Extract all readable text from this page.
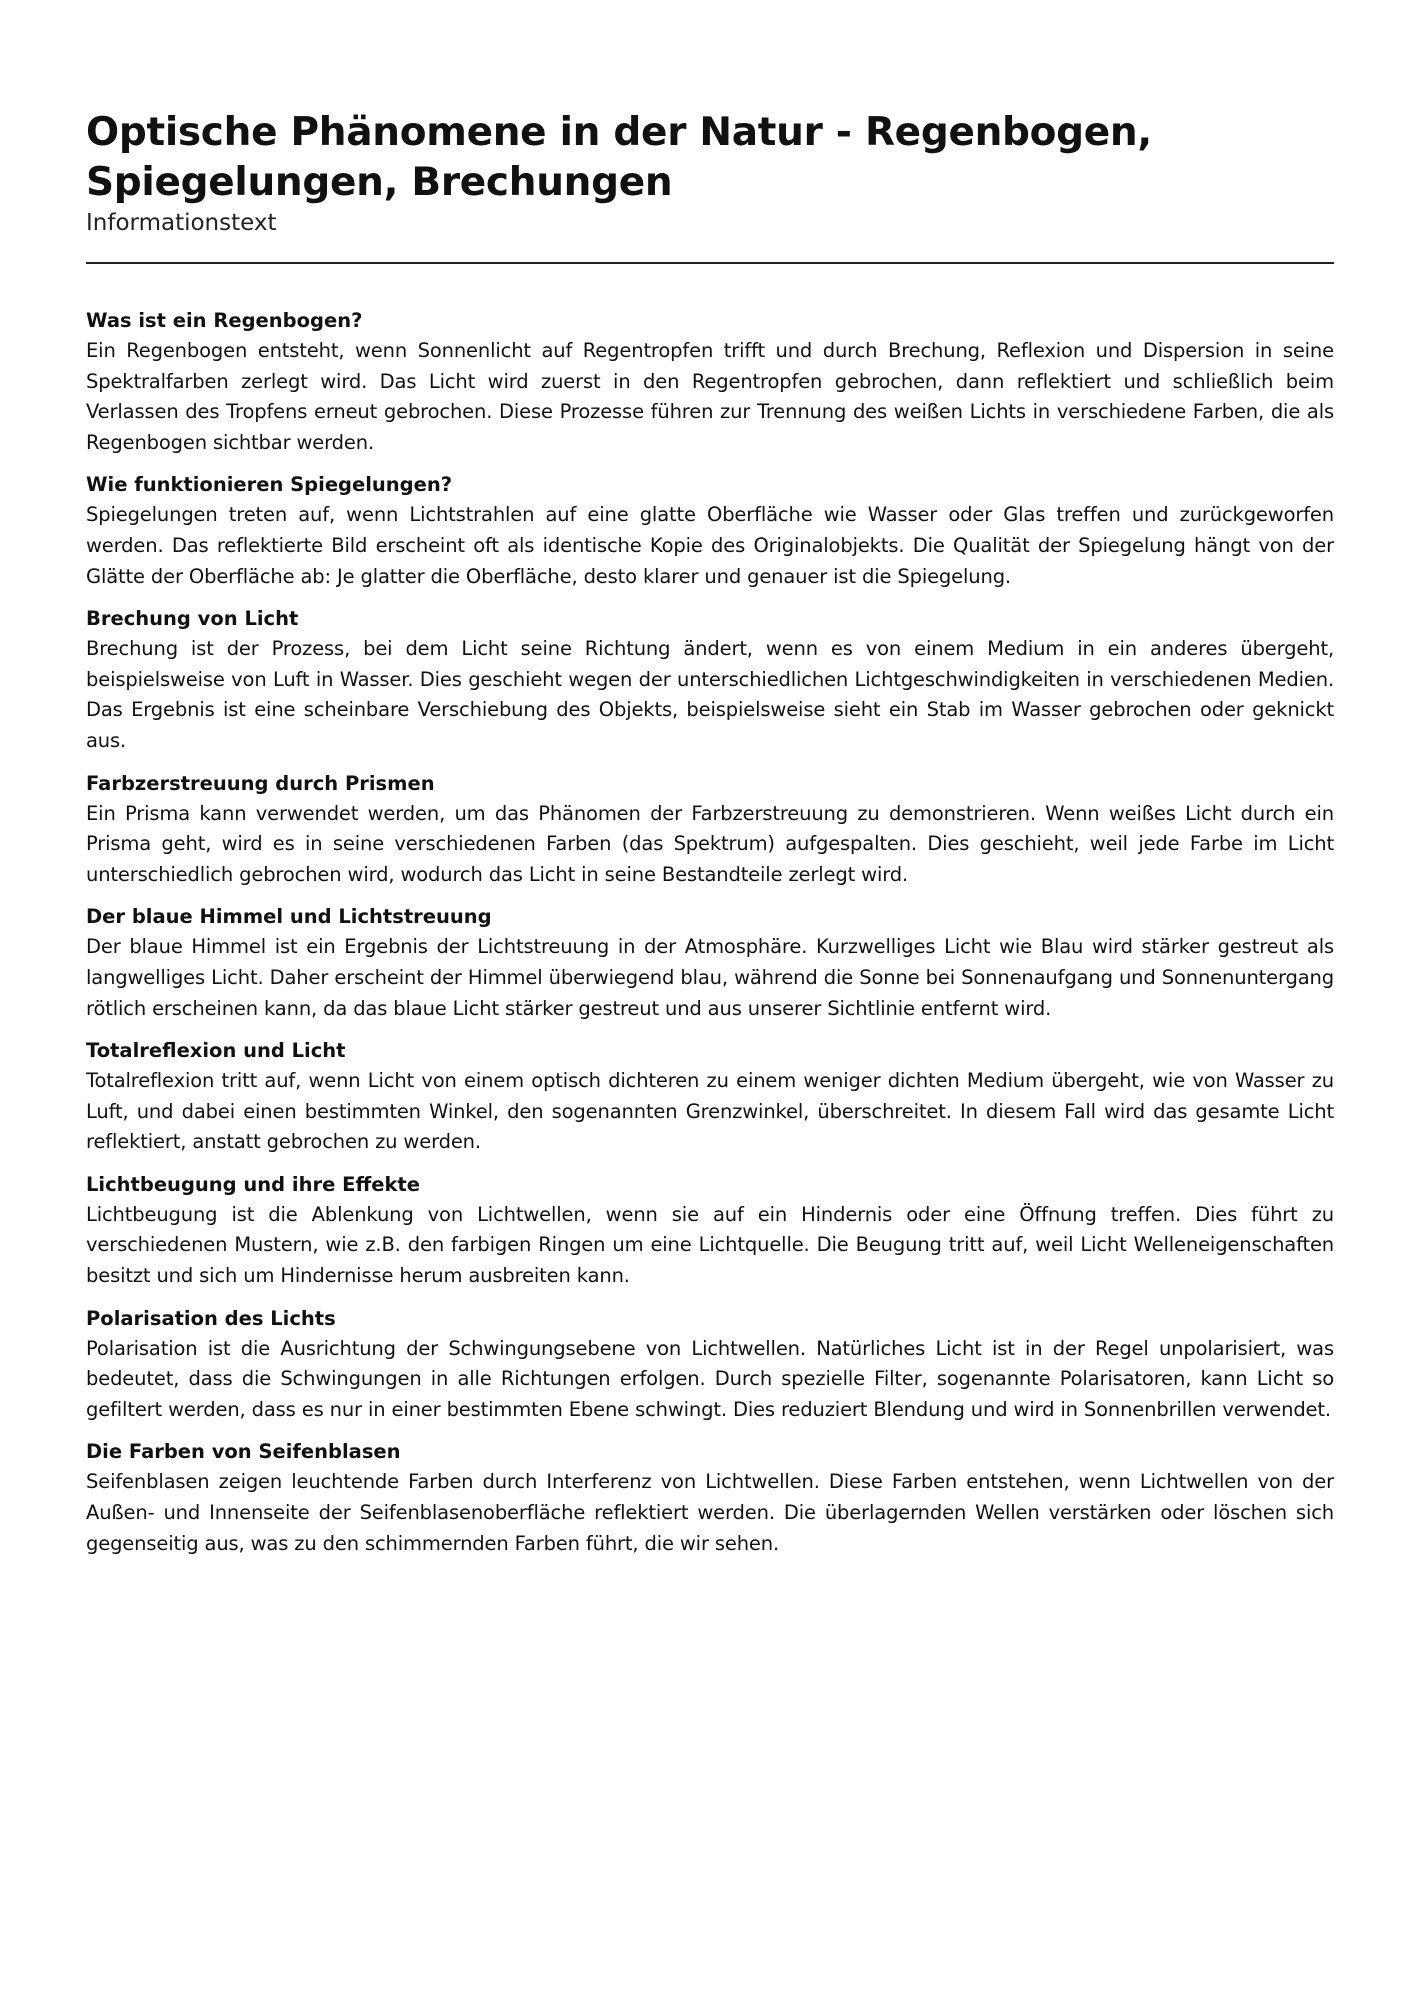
Optische Phänomene in der Natur - Regenbogen, Spiegelungen, Brechungen
Informationstext
Was ist ein Regenbogen?

Ein Regenbogen entsteht, wenn Sonnenlicht auf Regentropfen trifft und durch Brechung, Reflexion und Dispersion in seine Spektralfarben zerlegt wird. Das Licht wird zuerst in den Regentropfen gebrochen, dann reflektiert und schließlich beim Verlassen des Tropfens erneut gebrochen. Diese Prozesse führen zur Trennung des weißen Lichts in verschiedene Farben, die als Regenbogen sichtbar werden.

Wie funktionieren Spiegelungen?

Spiegelungen treten auf, wenn Lichtstrahlen auf eine glatte Oberfläche wie Wasser oder Glas treffen und zurückgeworfen werden. Das reflektierte Bild erscheint oft als identische Kopie des Originalobjekts. Die Qualität der Spiegelung hängt von der Glätte der Oberfläche ab: Je glatter die Oberfläche, desto klarer und genauer ist die Spiegelung.

Brechung von Licht

Brechung ist der Prozess, bei dem Licht seine Richtung ändert, wenn es von einem Medium in ein anderes übergeht, beispielsweise von Luft in Wasser. Dies geschieht wegen der unterschiedlichen Lichtgeschwindigkeiten in verschiedenen Medien. Das Ergebnis ist eine scheinbare Verschiebung des Objekts, beispielsweise sieht ein Stab im Wasser gebrochen oder geknickt aus.

Farbzerstreuung durch Prismen

Ein Prisma kann verwendet werden, um das Phänomen der Farbzerstreuung zu demonstrieren. Wenn weißes Licht durch ein Prisma geht, wird es in seine verschiedenen Farben (das Spektrum) aufgespalten. Dies geschieht, weil jede Farbe im Licht unterschiedlich gebrochen wird, wodurch das Licht in seine Bestandteile zerlegt wird.

Der blaue Himmel und Lichtstreuung

Der blaue Himmel ist ein Ergebnis der Lichtstreuung in der Atmosphäre. Kurzwelliges Licht wie Blau wird stärker gestreut als langwelliges Licht. Daher erscheint der Himmel überwiegend blau, während die Sonne bei Sonnenaufgang und Sonnenuntergang rötlich erscheinen kann, da das blaue Licht stärker gestreut und aus unserer Sichtlinie entfernt wird.

Totalreflexion und Licht

Totalreflexion tritt auf, wenn Licht von einem optisch dichteren zu einem weniger dichten Medium übergeht, wie von Wasser zu Luft, und dabei einen bestimmten Winkel, den sogenannten Grenzwinkel, überschreitet. In diesem Fall wird das gesamte Licht reflektiert, anstatt gebrochen zu werden.

Lichtbeugung und ihre Effekte

Lichtbeugung ist die Ablenkung von Lichtwellen, wenn sie auf ein Hindernis oder eine Öffnung treffen. Dies führt zu verschiedenen Mustern, wie z.B. den farbigen Ringen um eine Lichtquelle. Die Beugung tritt auf, weil Licht Welleneigenschaften besitzt und sich um Hindernisse herum ausbreiten kann.

Polarisation des Lichts

Polarisation ist die Ausrichtung der Schwingungsebene von Lichtwellen. Natürliches Licht ist in der Regel unpolarisiert, was bedeutet, dass die Schwingungen in alle Richtungen erfolgen. Durch spezielle Filter, sogenannte Polarisatoren, kann Licht so gefiltert werden, dass es nur in einer bestimmten Ebene schwingt. Dies reduziert Blendung und wird in Sonnenbrillen verwendet.

Die Farben von Seifenblasen

Seifenblasen zeigen leuchtende Farben durch Interferenz von Lichtwellen. Diese Farben entstehen, wenn Lichtwellen von der Außen- und Innenseite der Seifenblasenoberfläche reflektiert werden. Die überlagernden Wellen verstärken oder löschen sich gegenseitig aus, was zu den schimmernden Farben führt, die wir sehen.
